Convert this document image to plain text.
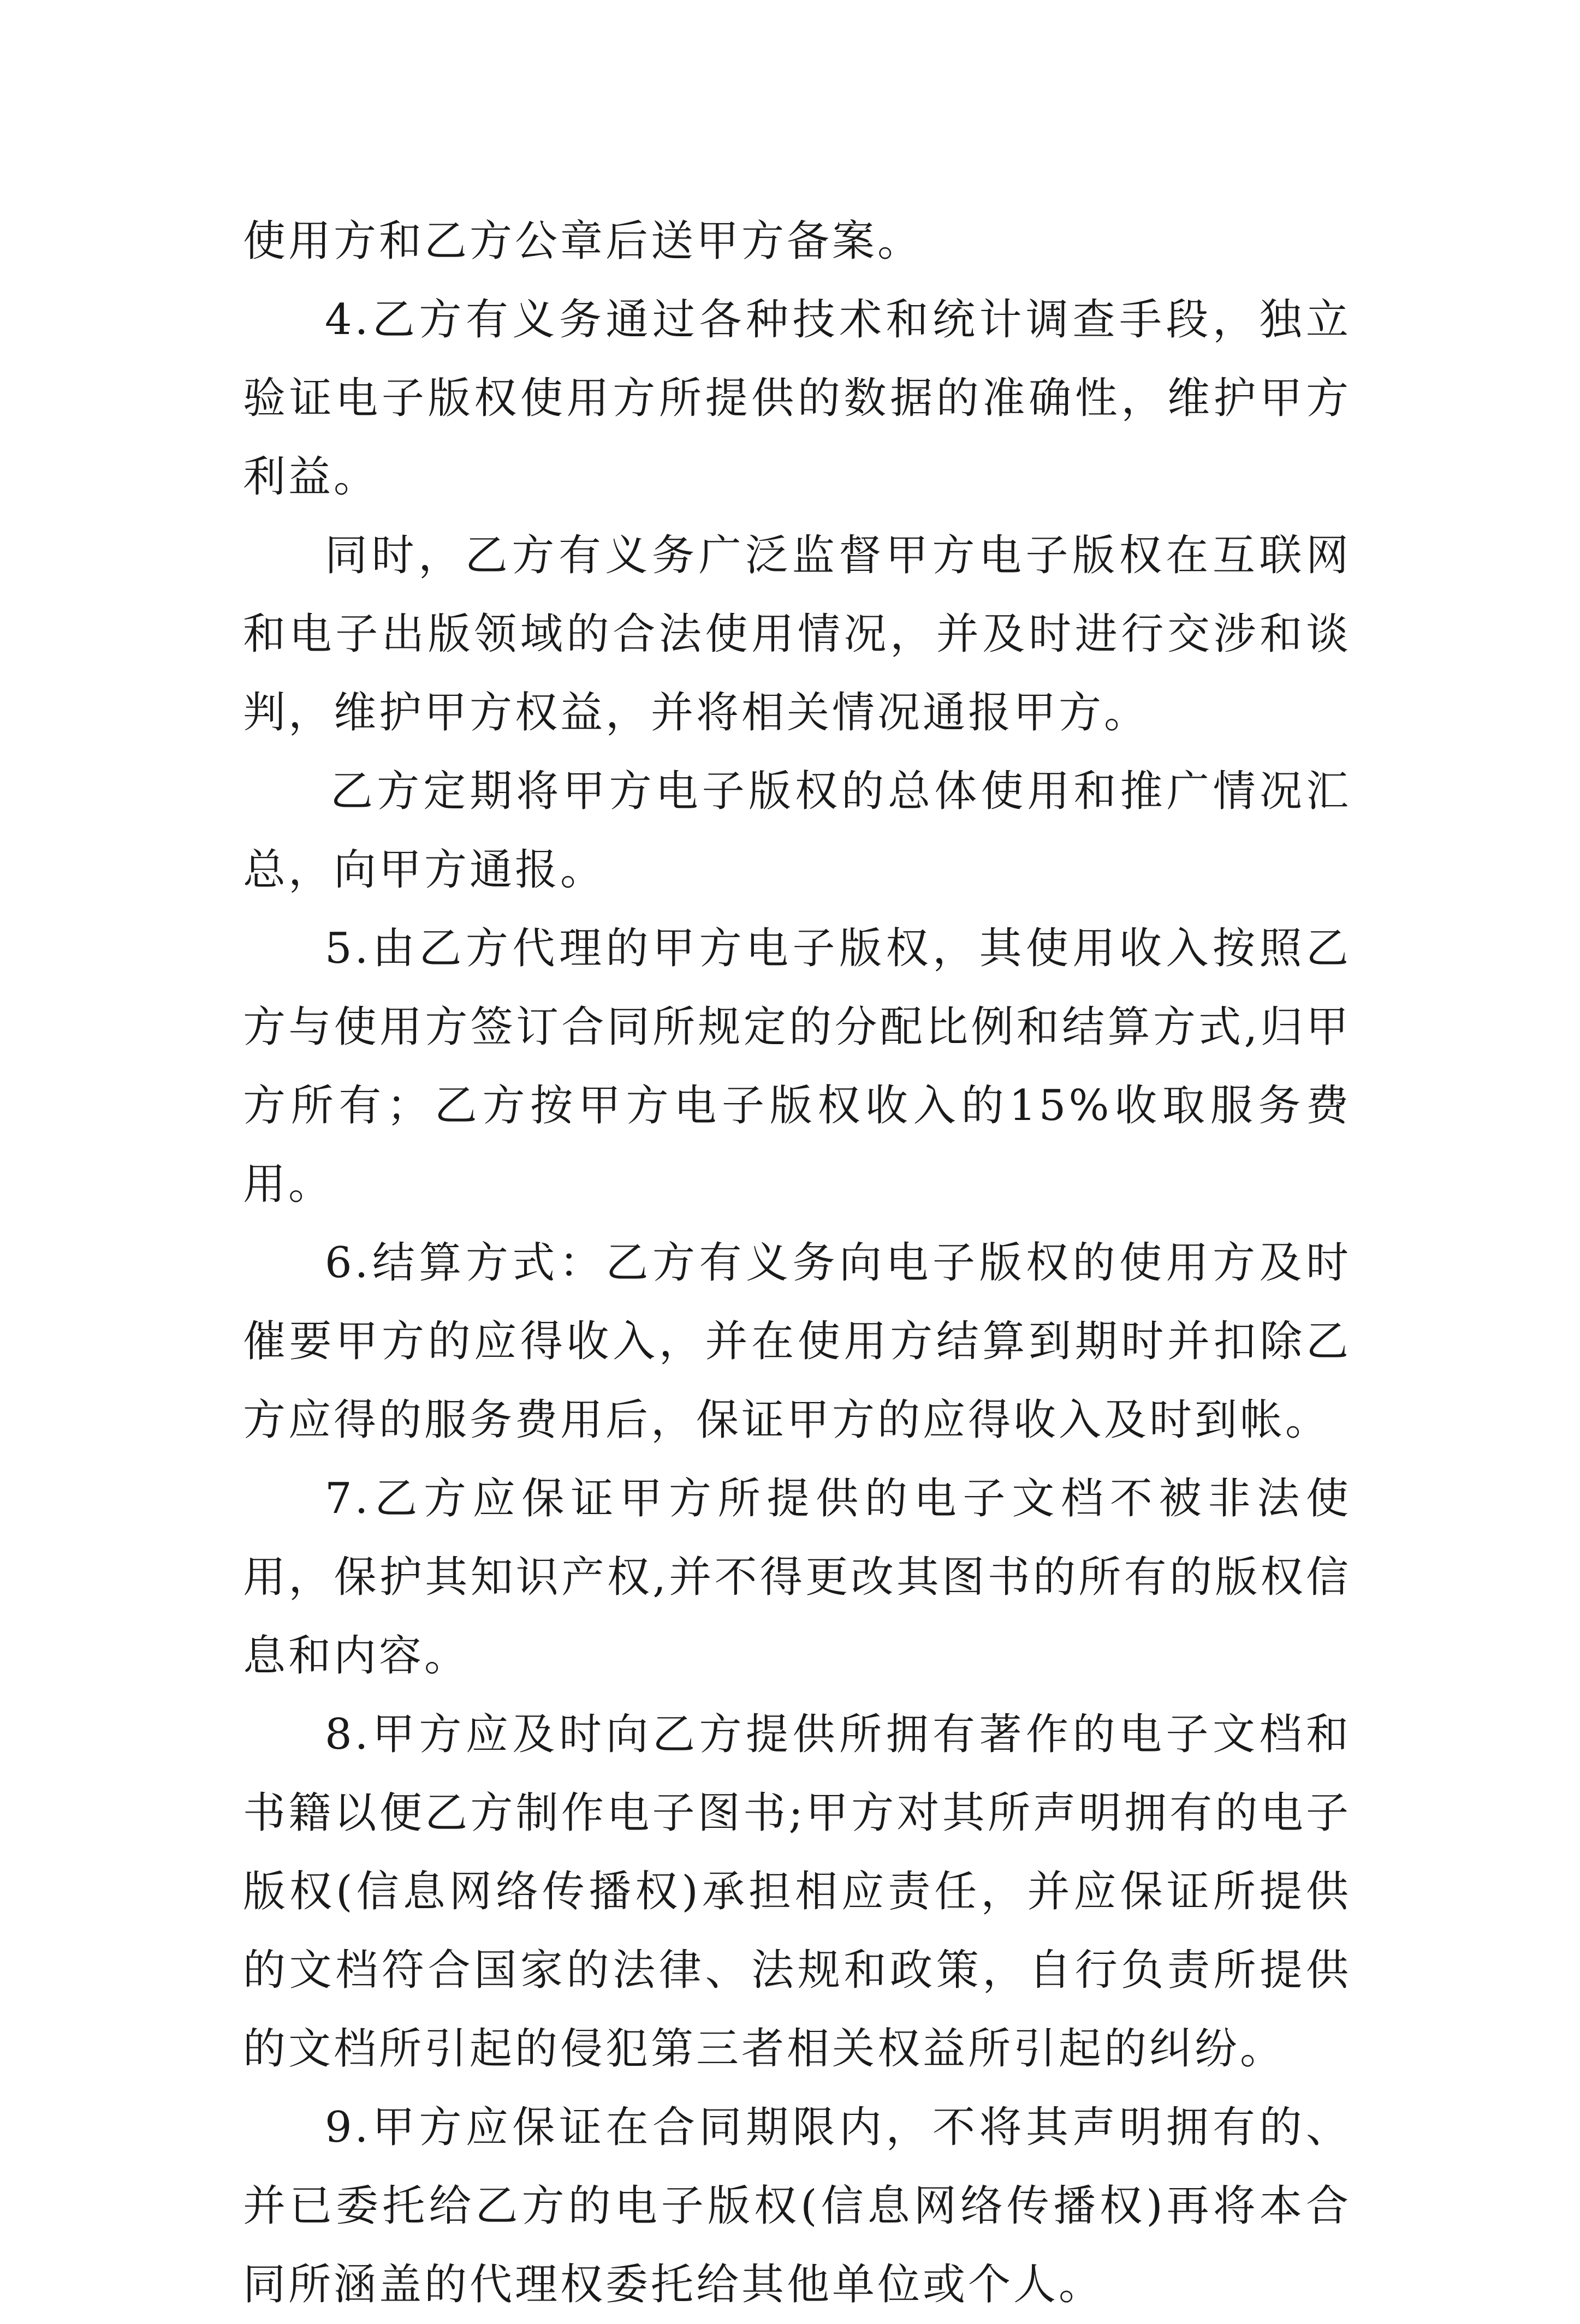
使用方和乙方公章后送甲方备案。

4.乙方有义务通过各种技术和统计调查手段，独立验证电子版权使用方所提供的数据的准确性，维护甲方利益。

同时，乙方有义务广泛监督甲方电子版权在互联网和电子出版领域的合法使用情况，并及时进行交涉和谈判，维护甲方权益，并将相关情况通报甲方。

乙方定期将甲方电子版权的总体使用和推广情况汇总，向甲方通报。

5.由乙方代理的甲方电子版权，其使用收入按照乙方与使用方签订合同所规定的分配比例和结算方式,归甲方所有；乙方按甲方电子版权收入的15%收取服务费用。

6.结算方式：乙方有义务向电子版权的使用方及时催要甲方的应得收入，并在使用方结算到期时并扣除乙方应得的服务费用后，保证甲方的应得收入及时到帐。

7.乙方应保证甲方所提供的电子文档不被非法使用，保护其知识产权,并不得更改其图书的所有的版权信息和内容。

8.甲方应及时向乙方提供所拥有著作的电子文档和书籍以便乙方制作电子图书;甲方对其所声明拥有的电子版权(信息网络传播权)承担相应责任，并应保证所提供的文档符合国家的法律、法规和政策，自行负责所提供的文档所引起的侵犯第三者相关权益所引起的纠纷。

9.甲方应保证在合同期限内，不将其声明拥有的、并已委托给乙方的电子版权(信息网络传播权)再将本合同所涵盖的代理权委托给其他单位或个人。
